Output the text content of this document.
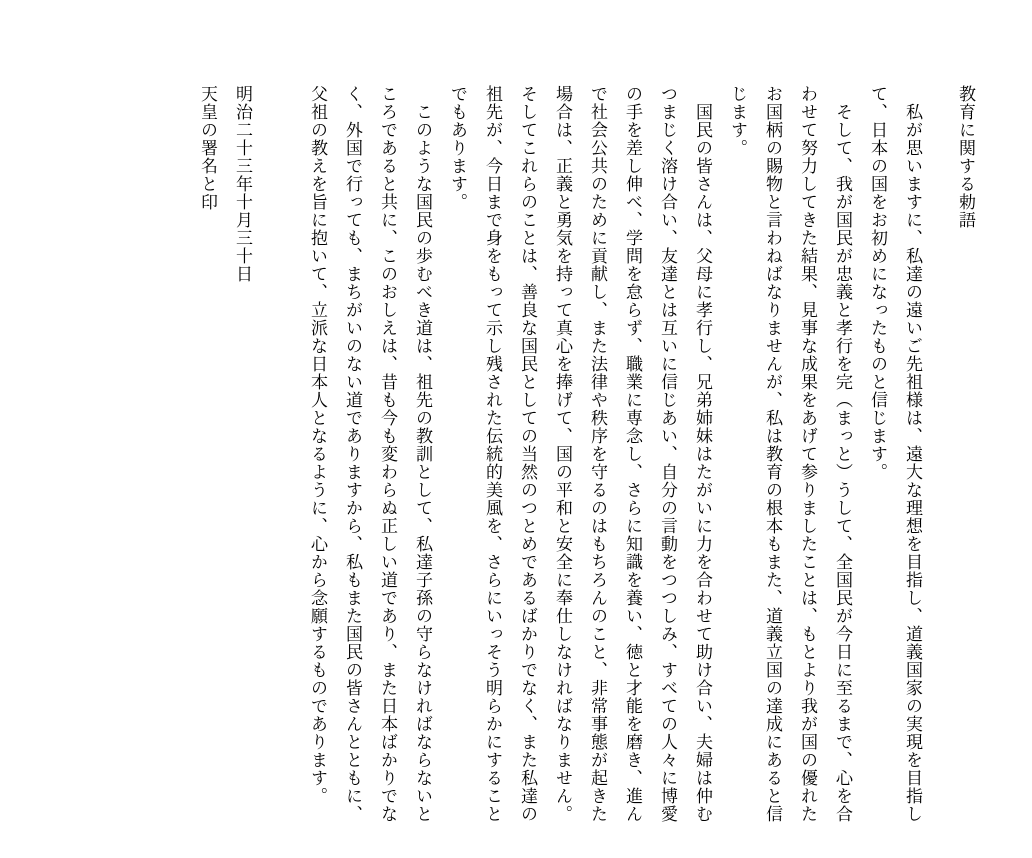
教育に関する勅語
　私が思いますに、私達の遠いご先祖様は、遠大な理想を目指し、道義国家の実現を目指し
て、日本の国をお初めになったものと信じます。
　そして、我が国民が忠義と孝行を完（まっと）うして、全国民が今日に至るまで、心を合
わせて努力してきた結果、見事な成果をあげて参りましたことは、もとより我が国の優れた
お国柄の賜物と言わねばなりませんが、私は教育の根本もまた、道義立国の達成にあると信
じます。
　国民の皆さんは、父母に孝行し、兄弟姉妹はたがいに力を合わせて助け合い、夫婦は仲む
つまじく溶け合い、友達とは互いに信じあい、自分の言動をつつしみ、すべての人々に博愛
の手を差し伸べ、学問を怠らず、職業に専念し、さらに知識を養い、徳と才能を磨き、進ん
で社会公共のために貢献し、また法律や秩序を守るのはもちろんのこと、非常事態が起きた
場合は、正義と勇気を持って真心を捧げて、国の平和と安全に奉仕しなければなりません。
そしてこれらのことは、善良な国民としての当然のつとめであるばかりでなく、また私達の
祖先が、今日まで身をもって示し残された伝統的美風を、さらにいっそう明らかにすること
でもあります。
　このような国民の歩むべき道は、祖先の教訓として、私達子孫の守らなければならないと
ころであると共に、このおしえは、昔も今も変わらぬ正しい道であり、また日本ばかりでな
く、外国で行っても、まちがいのない道でありますから、私もまた国民の皆さんとともに、
父祖の教えを旨に抱いて、立派な日本人となるように、心から念願するものであります。
明治二十三年十月三十日
天皇の署名と印
